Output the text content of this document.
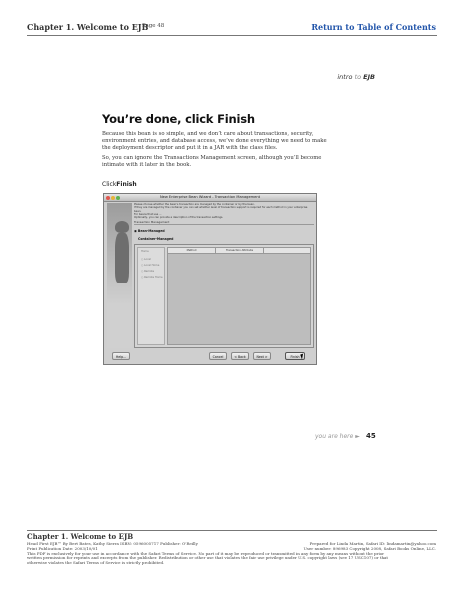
Chapter 1. Welcome to EJB
Page 48	Return to Table of Contents
intro to EJB
You’re done, click Finish

Because this bean is so simple, and we don’t care about transactions, security, environment entries, and database access, we’ve done everything we need to make the deployment descriptor and put it in a JAR with the class files.

So, you can ignore the Transactions Management screen, although you’ll become intimate with it later in the book.

ClickFinish
New Enterprise Bean Wizard - Transaction Management

Please choose whether the bean's transaction are managed by the container or by the bean.
If they are managed by the container you can set whether level of transaction support is required for each method in your enterprise bean.
For beans that use ...
Optionally, you can provide a description of the transaction settings.

Transaction Management
◉ Bean-Managed
Container-Managed
Home
○ Local
○ Local Home
○ Remote
○ Remote Home
Method	Transaction Attribute
Help...	Cancel	< Back	Next >	Finish
you are here ► 45
Chapter 1. Welcome to EJB
Head First EJB™ By Bert Bates, Kathy Sierra ISBN: 0596005717 Publisher: O'Reilly
Print Publication Date: 2003/10/01
Prepared for Linda Martin, Safari ID: lindamartin@yahoo.com
User number: 896983 Copyright 2008, Safari Books Online, LLC.

This PDF is exclusively for your use in accordance with the Safari Terms of Service. No part of it may be reproduced or transmitted in any form by any means without the prior
written permission for reprints and excerpts from the publisher. Redistribution or other use that violates the fair use privilege under U.S. copyright laws (see 17 USC107) or that
otherwise violates the Safari Terms of Service is strictly prohibited.
